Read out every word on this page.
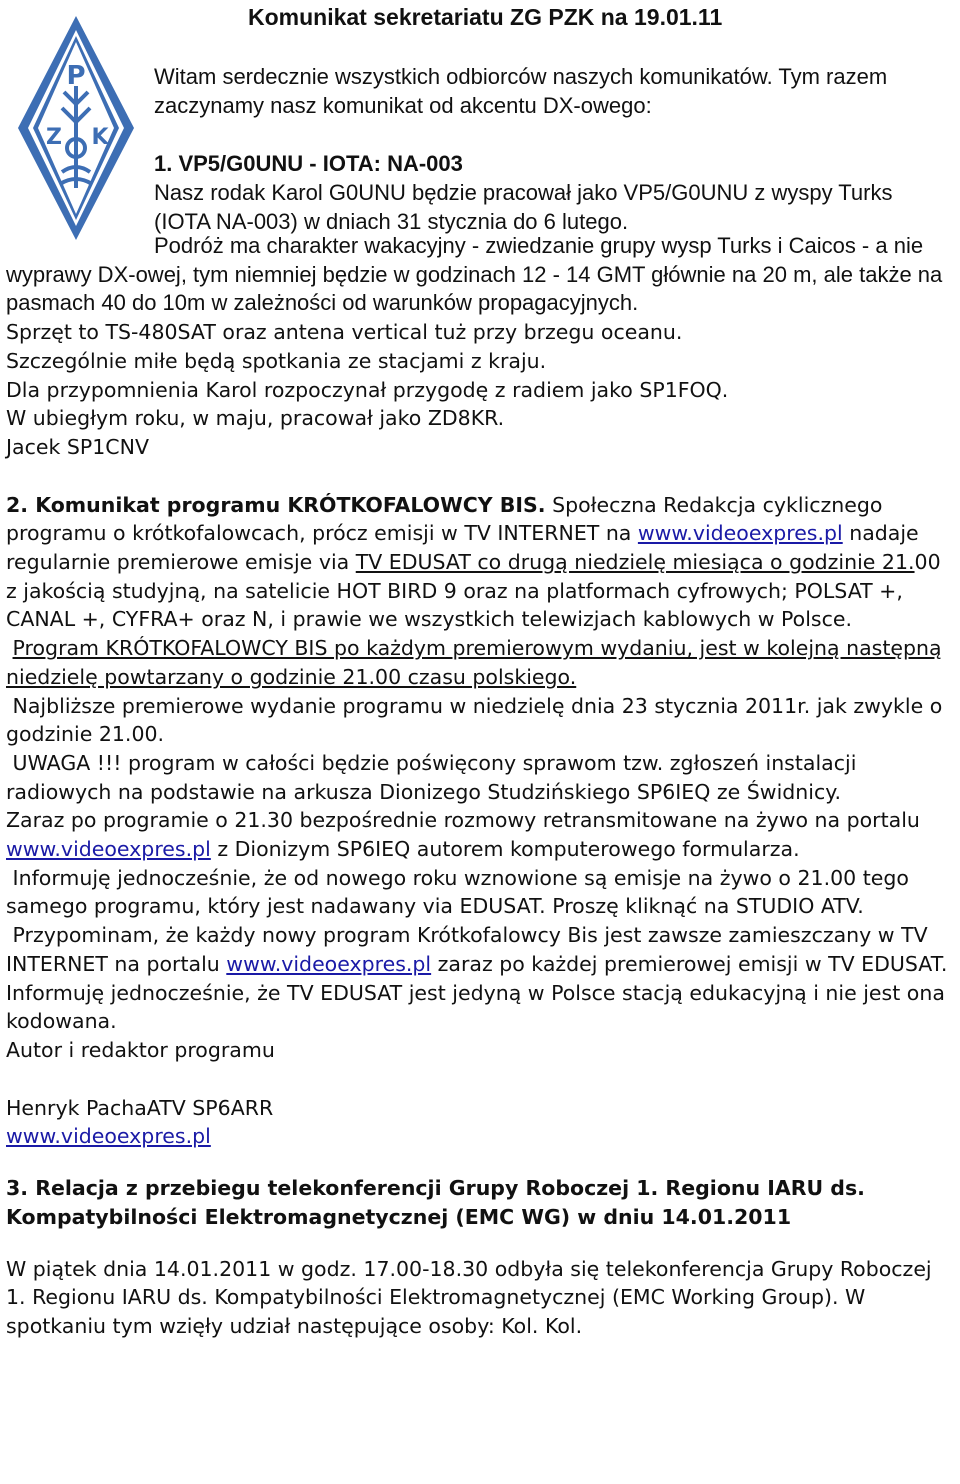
P
Z K
Komunikat sekretariatu ZG PZK na 19.01.11

Witam serdecznie wszystkich odbiorców naszych komunikatów. Tym razem zaczynamy nasz komunikat od akcentu DX-owego:

1. VP5/G0UNU - IOTA: NA-003

Nasz rodak Karol G0UNU będzie pracował jako VP5/G0UNU z wyspy Turks (IOTA NA-003) w dniach 31 stycznia do 6 lutego.

Podróż ma charakter wakacyjny - zwiedzanie grupy wysp Turks i Caicos - a nie wyprawy DX-owej, tym niemniej będzie w godzinach 12 - 14 GMT głównie na 20 m, ale także na pasmach 40 do 10m w zależności od warunków propagacyjnych.

Sprzęt to TS-480SAT oraz antena vertical tuż przy brzegu oceanu.

Szczególnie miłe będą spotkania ze stacjami z kraju.

Dla przypomnienia Karol rozpoczynał przygodę z radiem jako SP1FOQ.

W ubiegłym roku, w maju, pracował jako ZD8KR.

Jacek SP1CNV

2. Komunikat programu KRÓTKOFALOWCY BIS. Społeczna Redakcja cyklicznego programu o krótkofalowcach, prócz emisji w TV INTERNET na www.videoexpres.pl nadaje regularnie premierowe emisje via TV EDUSAT co drugą niedzielę miesiąca o godzinie 21.00 z jakością studyjną, na satelicie HOT BIRD 9 oraz na platformach cyfrowych; POLSAT +, CANAL +, CYFRA+ oraz N, i prawie we wszystkich telewizjach kablowych w Polsce.

Program KRÓTKOFALOWCY BIS po każdym premierowym wydaniu, jest w kolejną następną niedzielę powtarzany o godzinie 21.00 czasu polskiego.

Najbliższe premierowe wydanie programu w niedzielę dnia 23 stycznia 2011r. jak zwykle o godzinie 21.00.

UWAGA !!! program w całości będzie poświęcony sprawom tzw. zgłoszeń instalacji radiowych na podstawie na arkusza Dionizego Studzińskiego SP6IEQ ze Świdnicy.

Zaraz po programie o 21.30 bezpośrednie rozmowy retransmitowane na żywo na portalu www.videoexpres.pl z Dionizym SP6IEQ autorem komputerowego formularza.

Informuję jednocześnie, że od nowego roku wznowione są emisje na żywo o 21.00 tego samego programu, który jest nadawany via EDUSAT. Proszę kliknąć na STUDIO ATV.

Przypominam, że każdy nowy program Krótkofalowcy Bis jest zawsze zamieszczany w TV INTERNET na portalu www.videoexpres.pl zaraz po każdej premierowej emisji w TV EDUSAT. Informuję jednocześnie, że TV EDUSAT jest jedyną w Polsce stacją edukacyjną i nie jest ona kodowana.

Autor i redaktor programu

Henryk PachaATV SP6ARR

www.videoexpres.pl

3. Relacja z przebiegu telekonferencji Grupy Roboczej 1. Regionu IARU ds. Kompatybilności Elektromagnetycznej (EMC WG) w dniu 14.01.2011

W piątek dnia 14.01.2011 w godz. 17.00-18.30 odbyła się telekonferencja Grupy Roboczej 1. Regionu IARU ds. Kompatybilności Elektromagnetycznej (EMC Working Group). W spotkaniu tym wzięły udział następujące osoby: Kol. Kol.
